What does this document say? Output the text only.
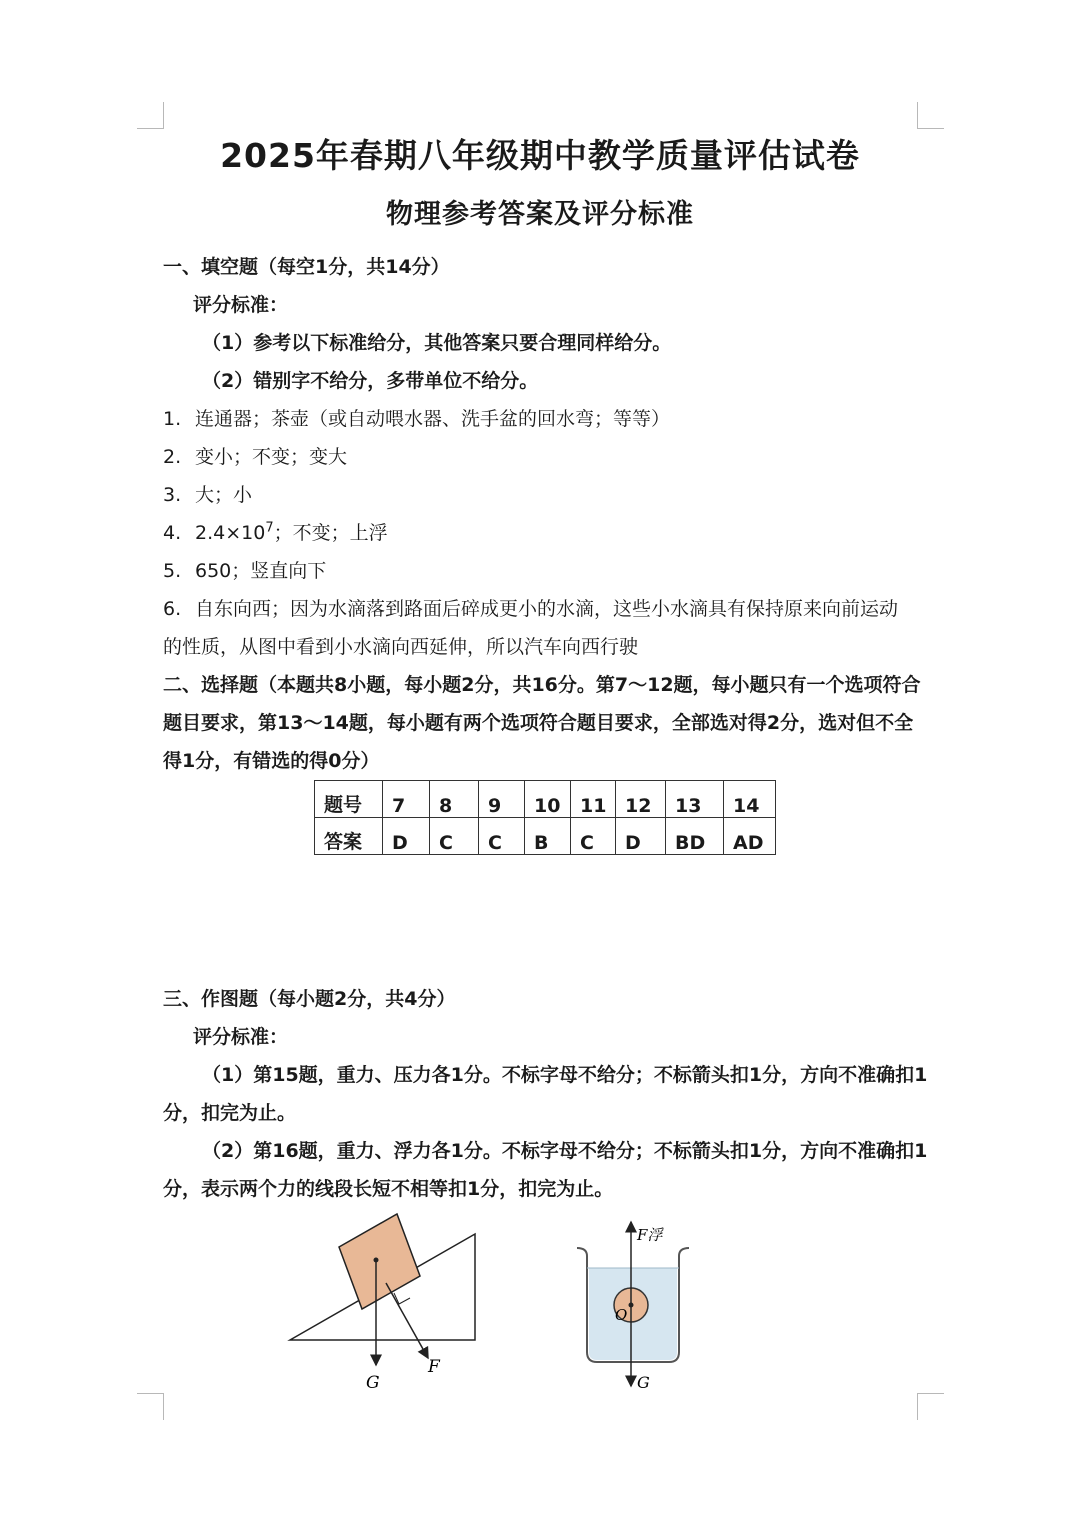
2025年春期八年级期中教学质量评估试卷
物理参考答案及评分标准
一、填空题（每空1分，共14分）
评分标准：
（1）参考以下标准给分，其他答案只要合理同样给分。
（2）错别字不给分，多带单位不给分。
1. 连通器；茶壶（或自动喂水器、洗手盆的回水弯；等等）
2. 变小；不变；变大
3. 大；小
4. $2.4\times 10^7$；不变；上浮
5. 650；竖直向下
6. 自东向西；因为水滴落到路面后碎成更小的水滴，这些小水滴具有保持原来向前运动
的性质，从图中看到小水滴向西延伸，所以汽车向西行驶
二、选择题（本题共8小题，每小题2分，共16分。第7～12题，每小题只有一个选项符合
题目要求，第13～14题，每小题有两个选项符合题目要求，全部选对得2分，选对但不全
得1分，有错选的得0分）
题号	7	8	9	10	11	12	13	14
答案	D	C	C	B	C	D	BD	AD
三、作图题（每小题2分，共4分）
评分标准：
（1）第15题，重力、压力各1分。不标字母不给分；不标箭头扣1分，方向不准确扣1
分，扣完为止。
（2）第16题，重力、浮力各1分。不标字母不给分；不标箭头扣1分，方向不准确扣1
分，表示两个力的线段长短不相等扣1分，扣完为止。
G
F
F浮
O
G
